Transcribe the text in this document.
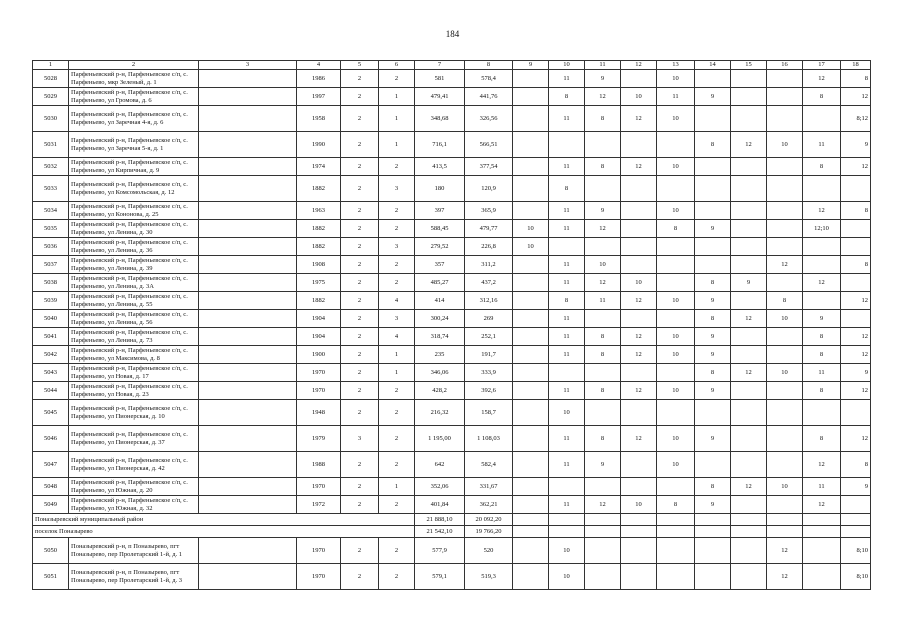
184
1	2	3	4	5	6	7	8	9	10	11	12	13	14	15	16	17	18
5028	Парфеньевский р-н, Парфеньевское с/п, с. Парфеньево, мкр Зеленый, д. 1		1986	2	2	581	578,4		11	9		10				12	8
5029	Парфеньевский р-н, Парфеньевское с/п, с. Парфеньево, ул Громова, д. 6		1997	2	1	479,41	441,76		8	12	10	11	9			8	12
5030	Парфеньевский р-н, Парфеньевское с/п, с. Парфеньево, ул Заречная 4-я, д. 6		1958	2	1	348,68	326,56		11	8	12	10					8;12
5031	Парфеньевский р-н, Парфеньевское с/п, с. Парфеньево, ул Заречная 5-я, д. 1		1990	2	1	716,1	566,51						8	12	10	11	9
5032	Парфеньевский р-н, Парфеньевское с/п, с. Парфеньево, ул Кирпичная, д. 9		1974	2	2	413,5	377,54		11	8	12	10				8	12
5033	Парфеньевский р-н, Парфеньевское с/п, с. Парфеньево, ул Комсомольская, д. 12		1882	2	3	180	120,9		8								
5034	Парфеньевский р-н, Парфеньевское с/п, с. Парфеньево, ул Кононова, д. 25		1963	2	2	397	365,9		11	9		10				12	8
5035	Парфеньевский р-н, Парфеньевское с/п, с. Парфеньево, ул Ленина, д. 30		1882	2	2	588,45	479,77	10	11	12		8	9			12;10	
5036	Парфеньевский р-н, Парфеньевское с/п, с. Парфеньево, ул Ленина, д. 36		1882	2	3	279,52	226,8	10									
5037	Парфеньевский р-н, Парфеньевское с/п, с. Парфеньево, ул Ленина, д. 39		1908	2	2	357	311,2		11	10					12		8
5038	Парфеньевский р-н, Парфеньевское с/п, с. Парфеньево, ул Ленина, д. 3А		1975	2	2	485,27	437,2		11	12	10		8	9		12	
5039	Парфеньевский р-н, Парфеньевское с/п, с. Парфеньево, ул Ленина, д. 55		1882	2	4	414	312,16		8	11	12	10	9		8		12
5040	Парфеньевский р-н, Парфеньевское с/п, с. Парфеньево, ул Ленина, д. 56		1904	2	3	300,24	269		11				8	12	10	9	
5041	Парфеньевский р-н, Парфеньевское с/п, с. Парфеньево, ул Ленина, д. 73		1904	2	4	318,74	252,1		11	8	12	10	9			8	12
5042	Парфеньевский р-н, Парфеньевское с/п, с. Парфеньево, ул Максимова, д. 8		1900	2	1	235	191,7		11	8	12	10	9			8	12
5043	Парфеньевский р-н, Парфеньевское с/п, с. Парфеньево, ул Новая, д. 17		1970	2	1	346,06	333,9						8	12	10	11	9
5044	Парфеньевский р-н, Парфеньевское с/п, с. Парфеньево, ул Новая, д. 23		1970	2	2	428,2	392,6		11	8	12	10	9			8	12
5045	Парфеньевский р-н, Парфеньевское с/п, с. Парфеньево, ул Пионерская, д. 10		1948	2	2	216,32	158,7		10								
5046	Парфеньевский р-н, Парфеньевское с/п, с. Парфеньево, ул Пионерская, д. 37		1979	3	2	1 195,00	1 108,03		11	8	12	10	9			8	12
5047	Парфеньевский р-н, Парфеньевское с/п, с. Парфеньево, ул Пионерская, д. 42		1988	2	2	642	582,4		11	9		10				12	8
5048	Парфеньевский р-н, Парфеньевское с/п, с. Парфеньево, ул Южная, д. 20		1970	2	1	352,06	331,67						8	12	10	11	9
5049	Парфеньевский р-н, Парфеньевское с/п, с. Парфеньево, ул Южная, д. 32		1972	2	2	401,84	362,21		11	12	10	8	9			12	
Поназыревский муниципальный район						21 888,10	20 092,20										
поселок Поназырево						21 542,10	19 766,20										
5050	Поназыревский р-н, п Поназырево, пгт Поназырево, пер Пролетарский 1-й, д. 1		1970	2	2	577,9	520		10						12		8;10
5051	Поназыревский р-н, п Поназырево, пгт Поназырево, пер Пролетарский 1-й, д. 3		1970	2	2	579,1	519,3		10						12		8;10
